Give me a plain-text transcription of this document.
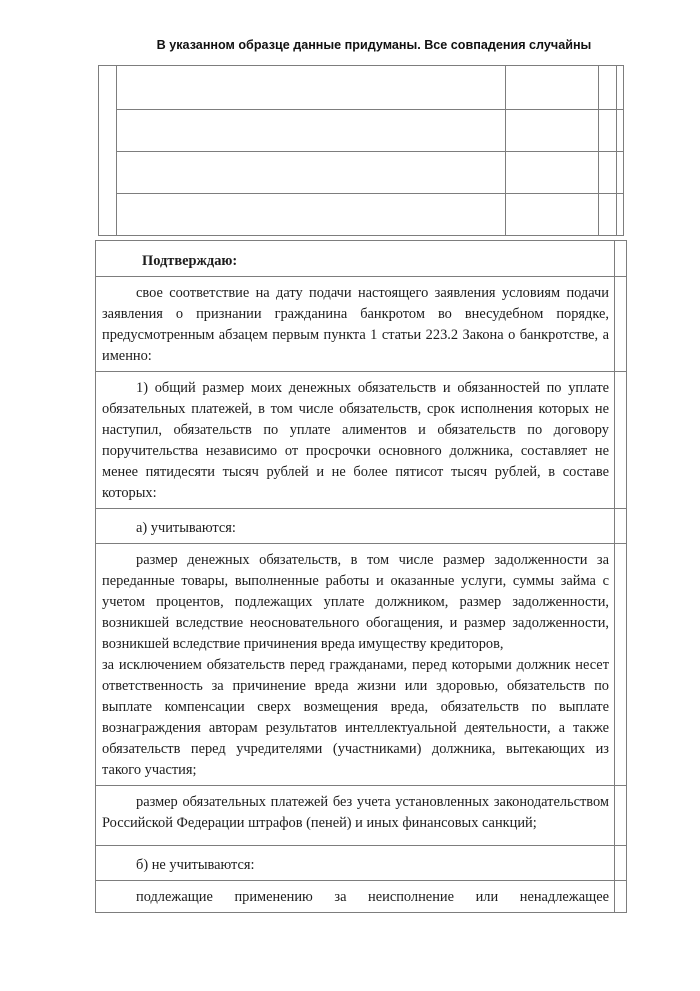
В указанном образце данные придуманы. Все совпадения случайны

Подтверждаю:	

свое соответствие на дату подачи настоящего заявления условиям подачи заявления о признании гражданина банкротом во внесудебном порядке, предусмотренным абзацем первым пункта 1 статьи 223.2 Закона о банкротстве, а именно:	

1) общий размер моих денежных обязательств и обязанностей по уплате обязательных платежей, в том числе обязательств, срок исполнения которых не наступил, обязательств по уплате алиментов и обязательств по договору поручительства независимо от просрочки основного должника, составляет не менее пятидесяти тысяч рублей и не более пятисот тысяч рублей, в составе которых:	

а) учитываются:	

размер денежных обязательств, в том числе размер задолженности за переданные товары, выполненные работы и оказанные услуги, суммы займа с учетом процентов, подлежащих уплате должником, размер задолженности, возникшей вследствие неосновательного обогащения, и размер задолженности, возникшей вследствие причинения вреда имуществу кредиторов,

за исключением обязательств перед гражданами, перед которыми должник несет ответственность за причинение вреда жизни или здоровью, обязательств по выплате компенсации сверх возмещения вреда, обязательств по выплате вознаграждения авторам результатов интеллектуальной деятельности, а также обязательств перед учредителями (участниками) должника, вытекающих из такого участия;	

размер обязательных платежей без учета установленных законодательством Российской Федерации штрафов (пеней) и иных финансовых санкций;	

б) не учитываются:	

подлежащие применению за неисполнение или ненадлежащее	
